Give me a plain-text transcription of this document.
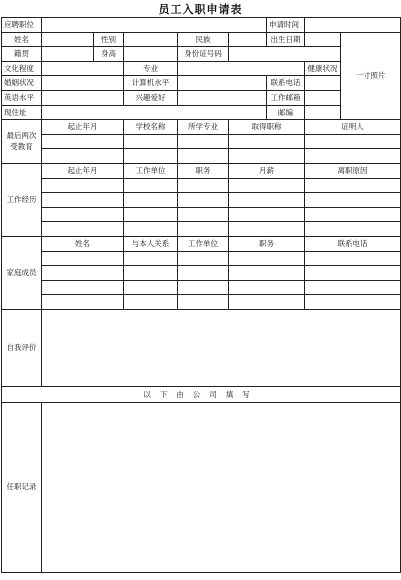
员工入职申请表
应聘职位						申请时间		
姓名		性别		民族		出生日期		一寸照片
籍贯		身高		身份证号码				
文化程度			专业				健康状况	
婚姻状况			计算机水平			联系电话		
英语水平			兴趣爱好			工作邮箱		
现住址						邮编		
最后两次受教育	起止年月		学校名称	所学专业	取得职称		证明人	

工作经历	起止年月		工作单位	职务	月薪		离职原因	

家庭成员	姓名		与本人关系	工作单位	职务		联系电话	

自我评价								
以下由公司填写								
任职记录								
